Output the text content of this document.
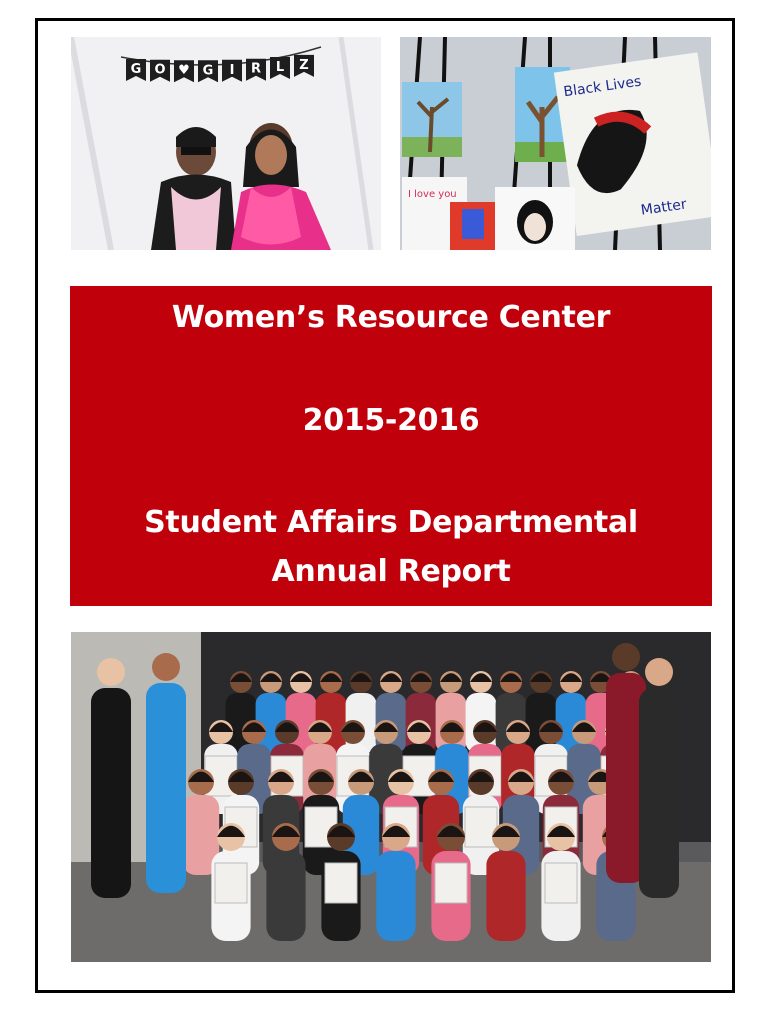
G O ♥ G I R L Z
Black Lives
Matter
I love you
Women’s Resource Center
2015-2016
Student Affairs Departmental
Annual Report
